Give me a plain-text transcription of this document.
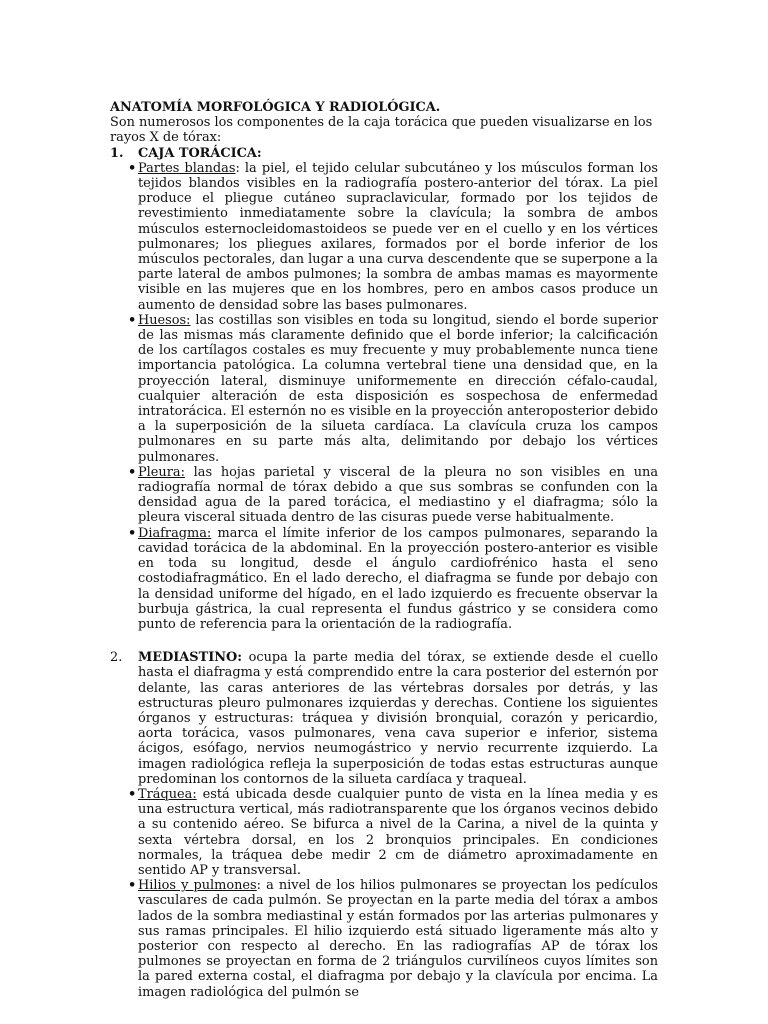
ANATOMÍA MORFOLÓGICA Y RADIOLÓGICA.

Son numerosos los componentes de la caja torácica que pueden visualizarse en los rayos X de tórax:

1.	CAJA TORÁCICA:
• Partes blandas: la piel, el tejido celular subcutáneo y los músculos forman los tejidos blandos visibles en la radiografía postero-anterior del tórax. La piel produce el pliegue cutáneo supraclavicular, formado por los tejidos de revestimiento inmediatamente sobre la clavícula; la sombra de ambos músculos esternocleidomastoideos se puede ver en el cuello y en los vértices pulmonares; los pliegues axilares, formados por el borde inferior de los músculos pectorales, dan lugar a una curva descendente que se superpone a la parte lateral de ambos pulmones; la sombra de ambas mamas es mayormente visible en las mujeres que en los hombres, pero en ambos casos produce un aumento de densidad sobre las bases pulmonares.
• Huesos: las costillas son visibles en toda su longitud, siendo el borde superior de las mismas más claramente definido que el borde inferior; la calcificación de los cartílagos costales es muy frecuente y muy probablemente nunca tiene importancia patológica. La columna vertebral tiene una densidad que, en la proyección lateral, disminuye uniformemente en dirección céfalo-caudal, cualquier alteración de esta disposición es sospechosa de enfermedad intratorácica. El esternón no es visible en la proyección anteroposterior debido a la superposición de la silueta cardíaca. La clavícula cruza los campos pulmonares en su parte más alta, delimitando por debajo los vértices pulmonares.
• Pleura: las hojas parietal y visceral de la pleura no son visibles en una radiografía normal de tórax debido a que sus sombras se confunden con la densidad agua de la pared torácica, el mediastino y el diafragma; sólo la pleura visceral situada dentro de las cisuras puede verse habitualmente.
• Diafragma: marca el límite inferior de los campos pulmonares, separando la cavidad torácica de la abdominal. En la proyección postero-anterior es visible en toda su longitud, desde el ángulo cardiofrénico hasta el seno costodiafragmático. En el lado derecho, el diafragma se funde por debajo con la densidad uniforme del hígado, en el lado izquierdo es frecuente observar la burbuja gástrica, la cual representa el fundus gástrico y se considera como punto de referencia para la orientación de la radiografía.
2.	MEDIASTINO: ocupa la parte media del tórax, se extiende desde el cuello hasta el diafragma y está comprendido entre la cara posterior del esternón por delante, las caras anteriores de las vértebras dorsales por detrás, y las estructuras pleuro pulmonares izquierdas y derechas. Contiene los siguientes órganos y estructuras: tráquea y división bronquial, corazón y pericardio, aorta torácica, vasos pulmonares, vena cava superior e inferior, sistema ácigos, esófago, nervios neumogástrico y nervio recurrente izquierdo. La imagen radiológica refleja la superposición de todas estas estructuras aunque predominan los contornos de la silueta cardíaca y traqueal.

• Tráquea: está ubicada desde cualquier punto de vista en la línea media y es una estructura vertical, más radiotransparente que los órganos vecinos debido a su contenido aéreo. Se bifurca a nivel de la Carina, a nivel de la quinta y sexta vértebra dorsal, en los 2 bronquios principales. En condiciones normales, la tráquea debe medir 2 cm de diámetro aproximadamente en sentido AP y transversal.
• Hilios y pulmones: a nivel de los hilios pulmonares se proyectan los pedículos vasculares de cada pulmón. Se proyectan en la parte media del tórax a ambos lados de la sombra mediastinal y están formados por las arterias pulmonares y sus ramas principales. El hilio izquierdo está situado ligeramente más alto y posterior con respecto al derecho. En las radiografías AP de tórax los pulmones se proyectan en forma de 2 triángulos curvilíneos cuyos límites son la pared externa costal, el diafragma por debajo y la clavícula por encima. La imagen radiológica del pulmón se
